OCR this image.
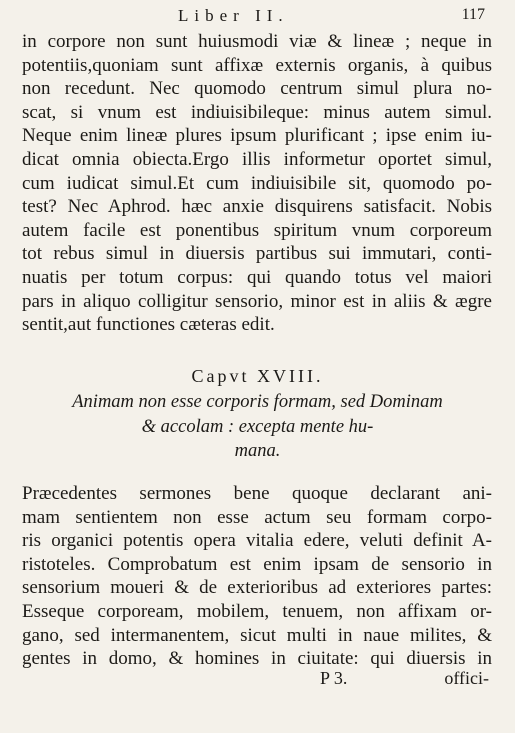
Liber II.	117
in corpore non sunt huiusmodi viæ & lineæ ; neque in
potentiis,quoniam sunt affixæ externis organis, à quibus
non recedunt. Nec quomodo centrum simul plura no-
scat, si vnum est indiuisibileque: minus autem simul.
Neque enim lineæ plures ipsum plurificant ; ipse enim iu-
dicat omnia obiecta.Ergo illis informetur oportet simul,
cum iudicat simul.Et cum indiuisibile sit, quomodo po-
test? Nec Aphrod. hæc anxie disquirens satisfacit. Nobis
autem facile est ponentibus spiritum vnum corporeum
tot rebus simul in diuersis partibus sui immutari, conti-
nuatis per totum corpus: qui quando totus vel maiori
pars in aliquo colligitur sensorio, minor est in aliis & ægre
sentit,aut functiones cæteras edit.
Capvt XVIII.
Animam non esse corporis formam, sed Dominam
& accolam : excepta mente hu-
mana.
Præcedentes sermones bene quoque declarant ani-
mam sentientem non esse actum seu formam corpo-
ris organici potentis opera vitalia edere, veluti definit A-
ristoteles. Comprobatum est enim ipsam de sensorio in
sensorium moueri & de exterioribus ad exteriores partes:
Esseque corpoream, mobilem, tenuem, non affixam or-
gano, sed intermanentem, sicut multi in naue milites, &
gentes in domo, & homines in ciuitate: qui diuersis in
P 3.	offici-
